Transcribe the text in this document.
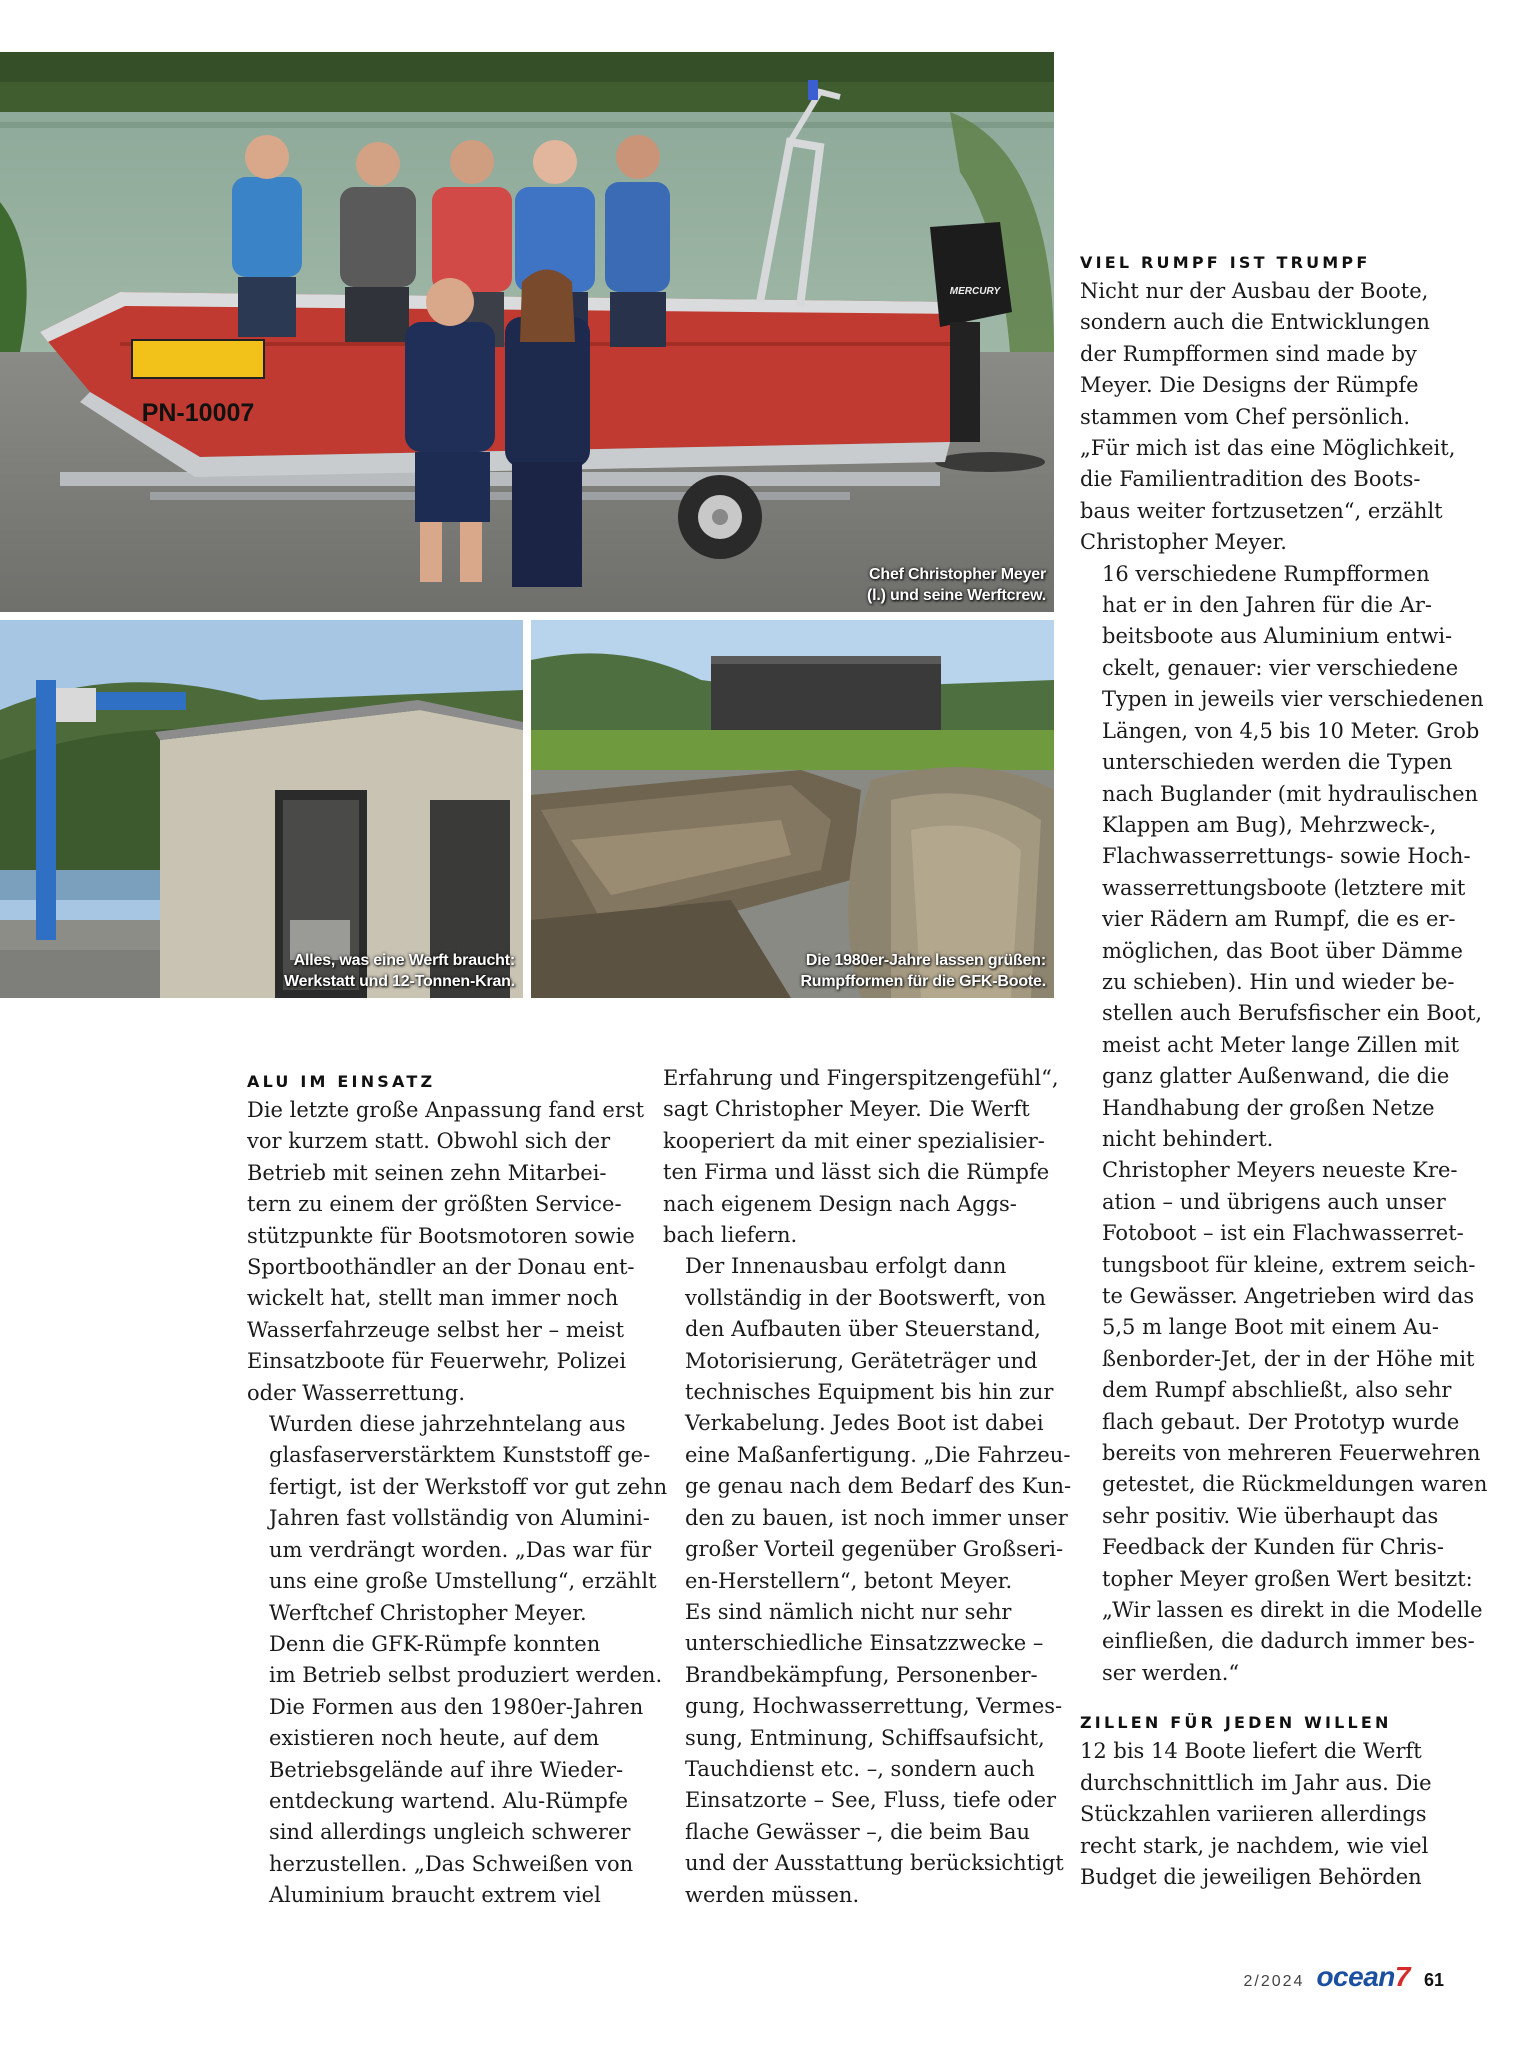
PN-10007
MERCURY
Chef Christopher Meyer
(l.) und seine Werftcrew.
Alles, was eine Werft braucht:
Werkstatt und 12-Tonnen-Kran.
Die 1980er-Jahre lassen grüßen:
Rumpfformen für die GFK-Boote.
ALU IM EINSATZ

Die letzte große Anpassung fand erst
vor kurzem statt. Obwohl sich der
Betrieb mit seinen zehn Mitarbei-
tern zu einem der größten Service-
stützpunkte für Bootsmotoren sowie
Sportboothändler an der Donau ent-
wickelt hat, stellt man immer noch
Wasserfahrzeuge selbst her – meist
Einsatzboote für Feuerwehr, Polizei
oder Wasserrettung.

Wurden diese jahrzehntelang aus
glasfaserverstärktem Kunststoff ge-
fertigt, ist der Werkstoff vor gut zehn
Jahren fast vollständig von Alumini-
um verdrängt worden. „Das war für
uns eine große Umstellung“, erzählt
Werftchef Christopher Meyer.

Denn die GFK-Rümpfe konnten
im Betrieb selbst produziert werden.
Die Formen aus den 1980er-Jahren
existieren noch heute, auf dem
Betriebsgelände auf ihre Wieder-
entdeckung wartend. Alu-Rümpfe
sind allerdings ungleich schwerer
herzustellen. „Das Schweißen von
Aluminium braucht extrem viel

Erfahrung und Fingerspitzengefühl“,
sagt Christopher Meyer. Die Werft
kooperiert da mit einer spezialisier-
ten Firma und lässt sich die Rümpfe
nach eigenem Design nach Aggs-
bach liefern.

Der Innenausbau erfolgt dann
vollständig in der Bootswerft, von
den Aufbauten über Steuerstand,
Motorisierung, Geräteträger und
technisches Equipment bis hin zur
Verkabelung. Jedes Boot ist dabei
eine Maßanfertigung. „Die Fahrzeu-
ge genau nach dem Bedarf des Kun-
den zu bauen, ist noch immer unser
großer Vorteil gegenüber Großseri-
en-Herstellern“, betont Meyer.

Es sind nämlich nicht nur sehr
unterschiedliche Einsatzzwecke –
Brandbekämpfung, Personenber-
gung, Hochwasserrettung, Vermes-
sung, Entminung, Schiffsaufsicht,
Tauchdienst etc. –, sondern auch
Einsatzorte – See, Fluss, tiefe oder
flache Gewässer –, die beim Bau
und der Ausstattung berücksichtigt
werden müssen.

VIEL RUMPF IST TRUMPF

Nicht nur der Ausbau der Boote,
sondern auch die Entwicklungen
der Rumpfformen sind made by
Meyer. Die Designs der Rümpfe
stammen vom Chef persönlich.
„Für mich ist das eine Möglichkeit,
die Familientradition des Boots-
baus weiter fortzusetzen“, erzählt
Christopher Meyer.

16 verschiedene Rumpfformen
hat er in den Jahren für die Ar-
beitsboote aus Aluminium entwi-
ckelt, genauer: vier verschiedene
Typen in jeweils vier verschiedenen
Längen, von 4,5 bis 10 Meter. Grob
unterschieden werden die Typen
nach Buglander (mit hydraulischen
Klappen am Bug), Mehrzweck-,
Flachwasserrettungs- sowie Hoch-
wasserrettungsboote (letztere mit
vier Rädern am Rumpf, die es er-
möglichen, das Boot über Dämme
zu schieben). Hin und wieder be-
stellen auch Berufsfischer ein Boot,
meist acht Meter lange Zillen mit
ganz glatter Außenwand, die die
Handhabung der großen Netze
nicht behindert.

Christopher Meyers neueste Kre-
ation – und übrigens auch unser
Fotoboot – ist ein Flachwasserret-
tungsboot für kleine, extrem seich-
te Gewässer. Angetrieben wird das
5,5 m lange Boot mit einem Au-
ßenborder-Jet, der in der Höhe mit
dem Rumpf abschließt, also sehr
flach gebaut. Der Prototyp wurde
bereits von mehreren Feuerwehren
getestet, die Rückmeldungen waren
sehr positiv. Wie überhaupt das
Feedback der Kunden für Chris-
topher Meyer großen Wert besitzt:
„Wir lassen es direkt in die Modelle
einfließen, die dadurch immer bes-
ser werden.“

ZILLEN FÜR JEDEN WILLEN

12 bis 14 Boote liefert die Werft
durchschnittlich im Jahr aus. Die
Stückzahlen variieren allerdings
recht stark, je nachdem, wie viel
Budget die jeweiligen Behörden

2/2024 ocean7 61
